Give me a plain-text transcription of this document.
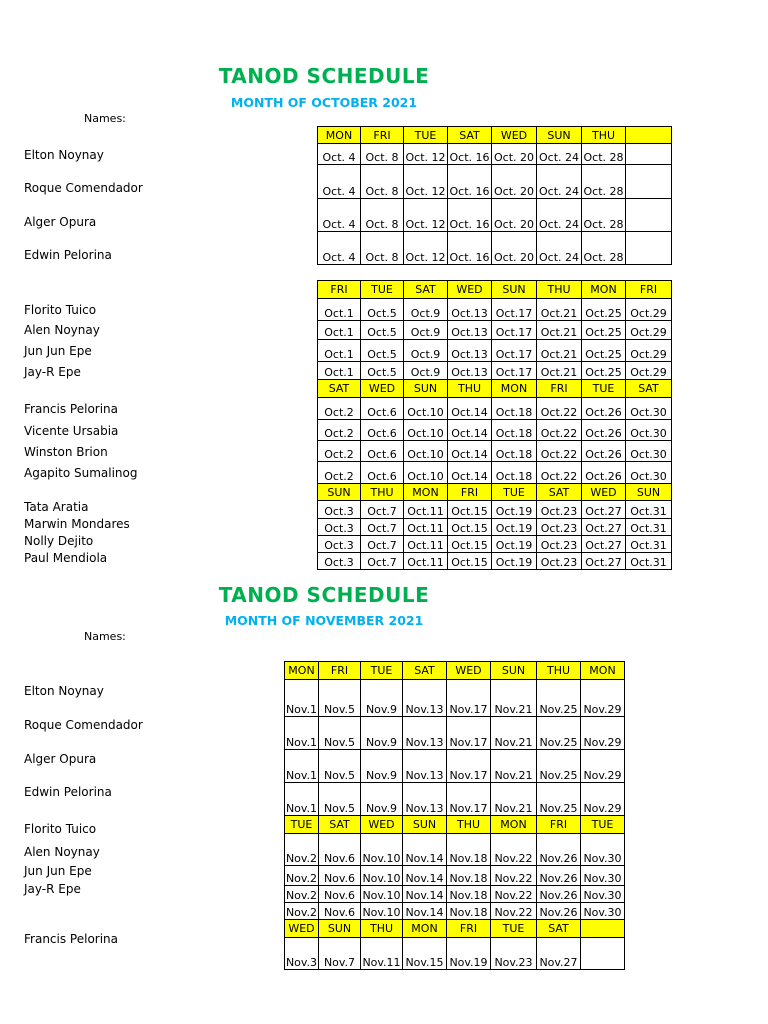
TANOD SCHEDULE
MONTH OF OCTOBER 2021
Names:
Elton Noynay
Roque Comendador
Alger Opura
Edwin Pelorina
Florito Tuico
Alen Noynay
Jun Jun Epe
Jay-R Epe
Francis Pelorina
Vicente Ursabia
Winston Brion
Agapito Sumalinog
Tata Aratia
Marwin Mondares
Nolly Dejito
Paul Mendiola
MON	FRI	TUE	SAT	WED	SUN	THU	
Oct. 4	Oct. 8	Oct. 12	Oct. 16	Oct. 20	Oct. 24	Oct. 28	
Oct. 4	Oct. 8	Oct. 12	Oct. 16	Oct. 20	Oct. 24	Oct. 28	
Oct. 4	Oct. 8	Oct. 12	Oct. 16	Oct. 20	Oct. 24	Oct. 28	
Oct. 4	Oct. 8	Oct. 12	Oct. 16	Oct. 20	Oct. 24	Oct. 28	
FRI	TUE	SAT	WED	SUN	THU	MON	FRI
Oct.1	Oct.5	Oct.9	Oct.13	Oct.17	Oct.21	Oct.25	Oct.29
Oct.1	Oct.5	Oct.9	Oct.13	Oct.17	Oct.21	Oct.25	Oct.29
Oct.1	Oct.5	Oct.9	Oct.13	Oct.17	Oct.21	Oct.25	Oct.29
Oct.1	Oct.5	Oct.9	Oct.13	Oct.17	Oct.21	Oct.25	Oct.29
SAT	WED	SUN	THU	MON	FRI	TUE	SAT
Oct.2	Oct.6	Oct.10	Oct.14	Oct.18	Oct.22	Oct.26	Oct.30
Oct.2	Oct.6	Oct.10	Oct.14	Oct.18	Oct.22	Oct.26	Oct.30
Oct.2	Oct.6	Oct.10	Oct.14	Oct.18	Oct.22	Oct.26	Oct.30
Oct.2	Oct.6	Oct.10	Oct.14	Oct.18	Oct.22	Oct.26	Oct.30
SUN	THU	MON	FRI	TUE	SAT	WED	SUN
Oct.3	Oct.7	Oct.11	Oct.15	Oct.19	Oct.23	Oct.27	Oct.31
Oct.3	Oct.7	Oct.11	Oct.15	Oct.19	Oct.23	Oct.27	Oct.31
Oct.3	Oct.7	Oct.11	Oct.15	Oct.19	Oct.23	Oct.27	Oct.31
Oct.3	Oct.7	Oct.11	Oct.15	Oct.19	Oct.23	Oct.27	Oct.31
TANOD SCHEDULE
MONTH OF NOVEMBER 2021
Names:
Elton Noynay
Roque Comendador
Alger Opura
Edwin Pelorina
Florito Tuico
Alen Noynay
Jun Jun Epe
Jay-R Epe
Francis Pelorina
MON	FRI	TUE	SAT	WED	SUN	THU	MON
Nov.1	Nov.5	Nov.9	Nov.13	Nov.17	Nov.21	Nov.25	Nov.29
Nov.1	Nov.5	Nov.9	Nov.13	Nov.17	Nov.21	Nov.25	Nov.29
Nov.1	Nov.5	Nov.9	Nov.13	Nov.17	Nov.21	Nov.25	Nov.29
Nov.1	Nov.5	Nov.9	Nov.13	Nov.17	Nov.21	Nov.25	Nov.29
TUE	SAT	WED	SUN	THU	MON	FRI	TUE
Nov.2	Nov.6	Nov.10	Nov.14	Nov.18	Nov.22	Nov.26	Nov.30
Nov.2	Nov.6	Nov.10	Nov.14	Nov.18	Nov.22	Nov.26	Nov.30
Nov.2	Nov.6	Nov.10	Nov.14	Nov.18	Nov.22	Nov.26	Nov.30
Nov.2	Nov.6	Nov.10	Nov.14	Nov.18	Nov.22	Nov.26	Nov.30
WED	SUN	THU	MON	FRI	TUE	SAT	
Nov.3	Nov.7	Nov.11	Nov.15	Nov.19	Nov.23	Nov.27	
